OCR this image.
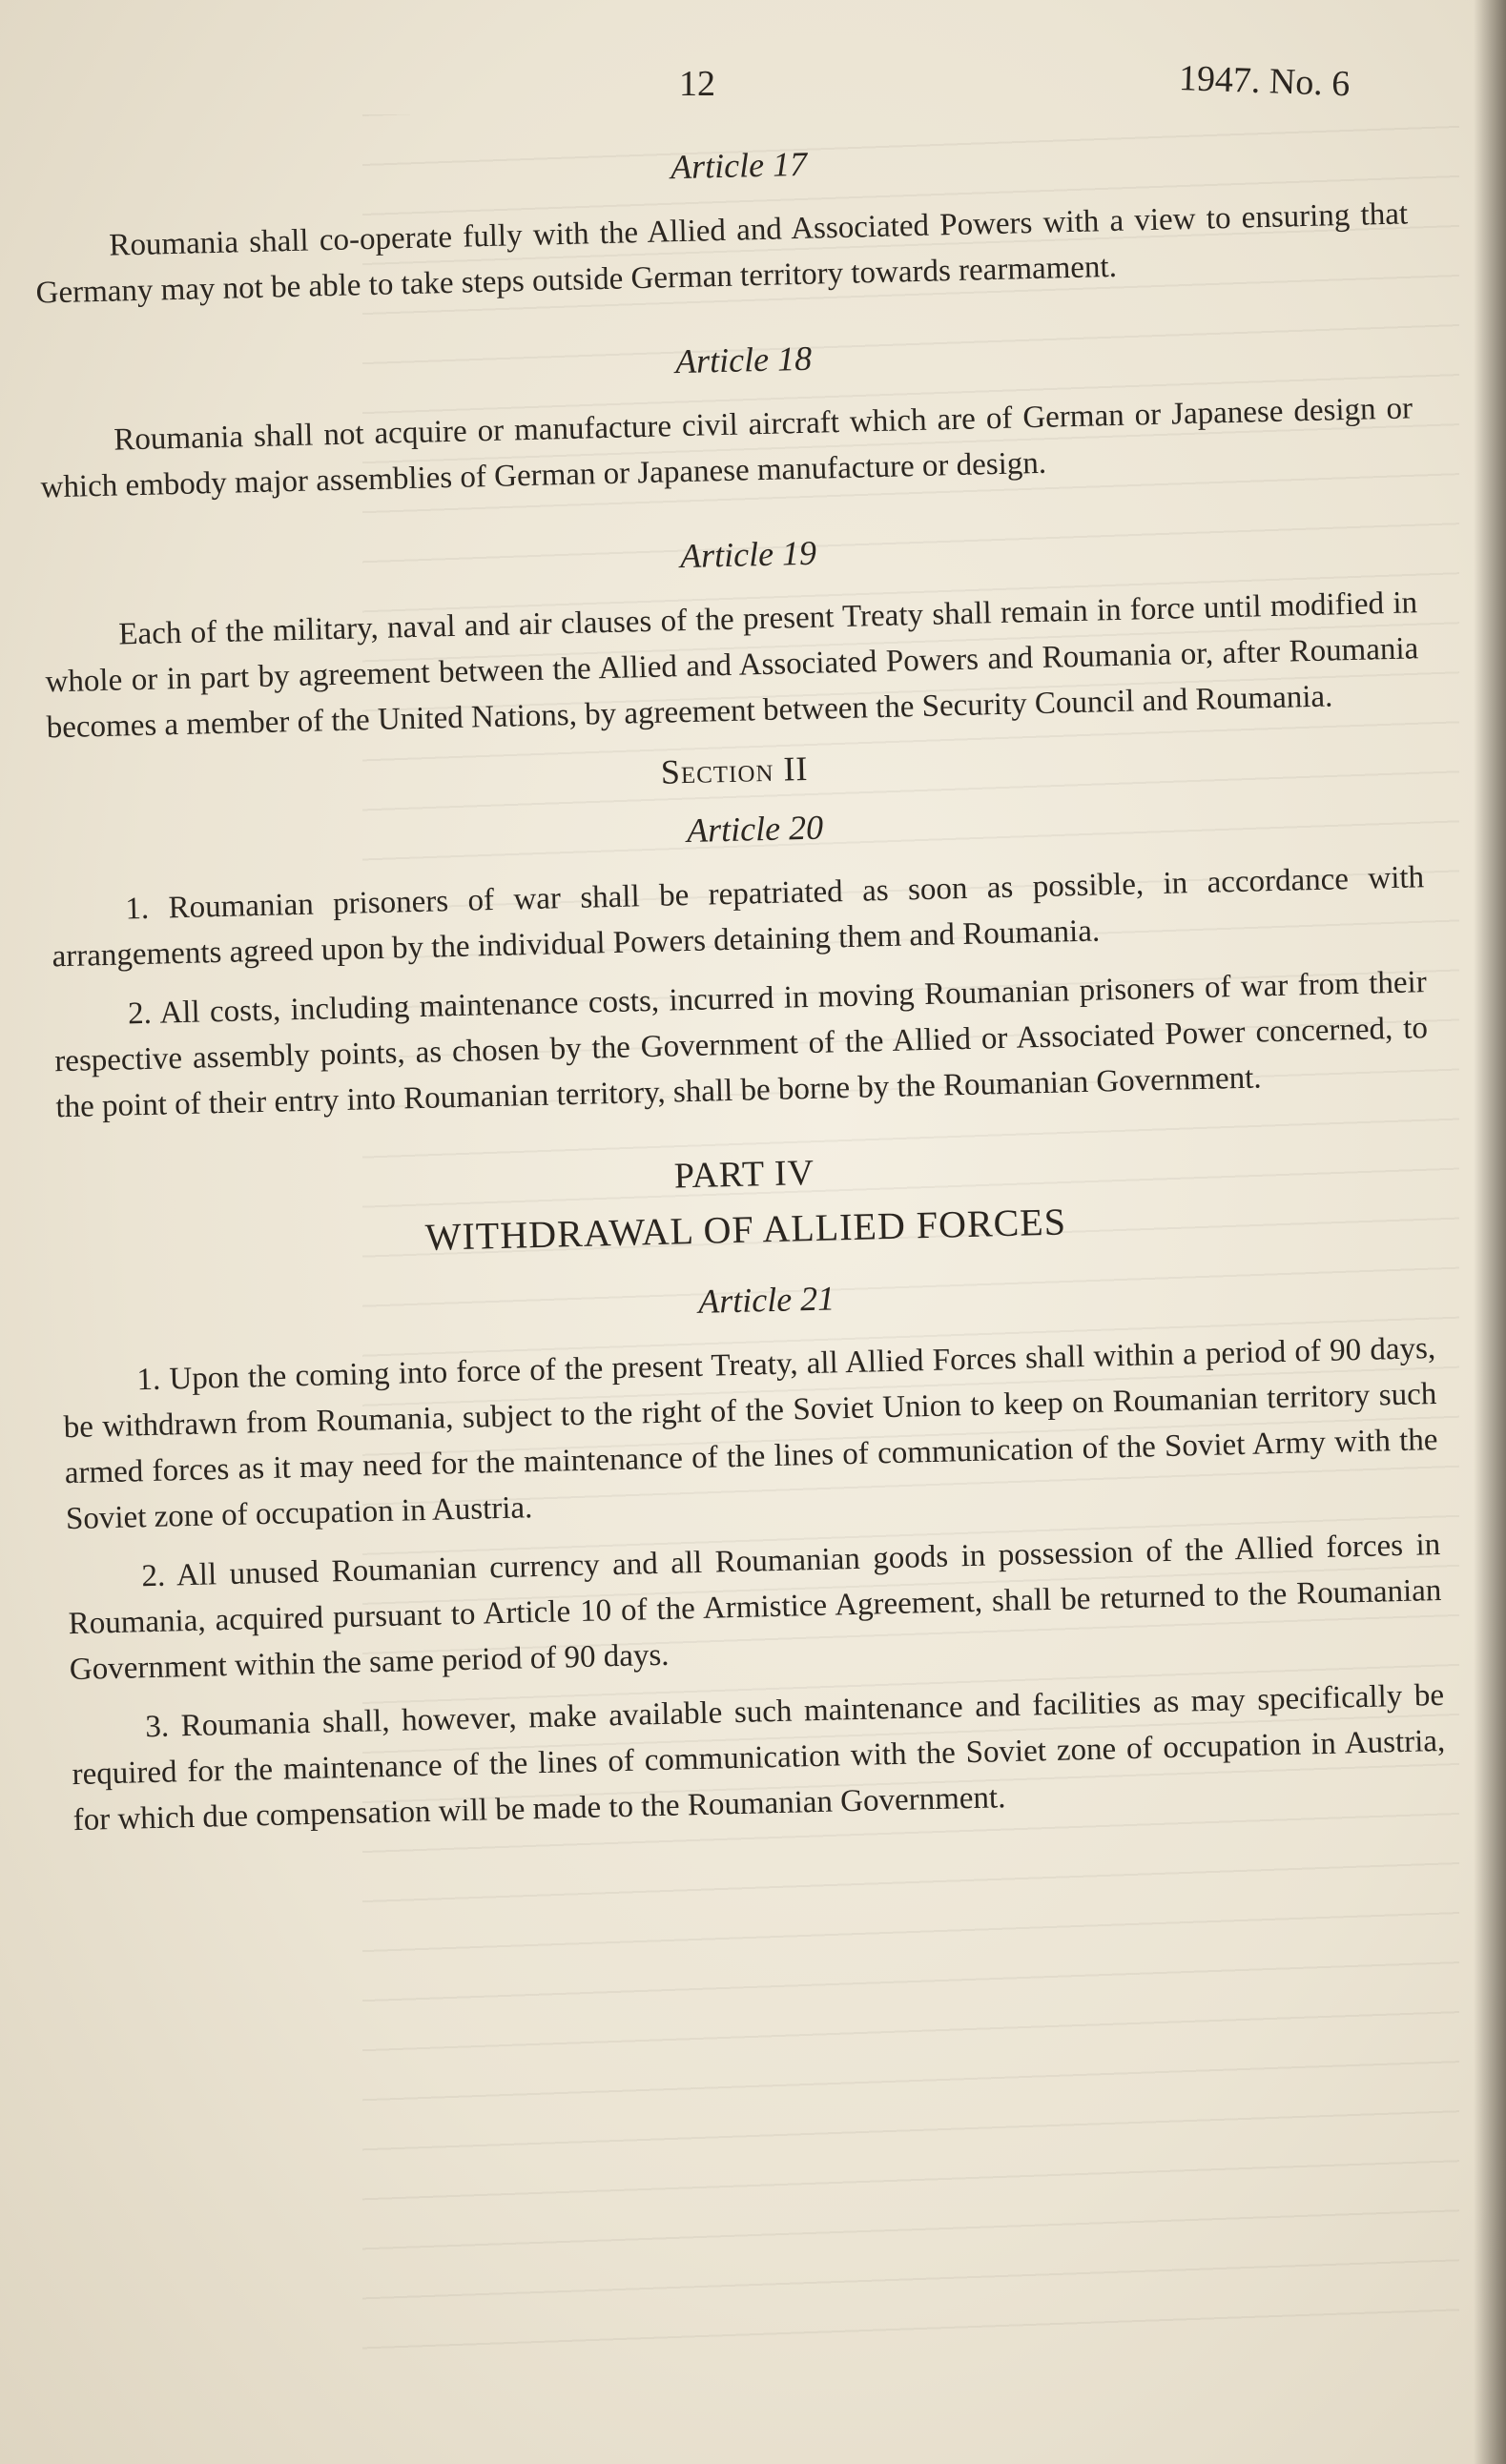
12	1947. No. 6
Article 17

Roumania shall co-operate fully with the Allied and Associated Powers with a view to ensuring that Germany may not be able to take steps outside German territory towards rearmament.

Article 18

Roumania shall not acquire or manufacture civil aircraft which are of German or Japanese design or which embody major assemblies of German or Japanese manufacture or design.

Article 19

Each of the military, naval and air clauses of the present Treaty shall remain in force until modified in whole or in part by agreement between the Allied and Associated Powers and Roumania or, after Roumania becomes a member of the United Nations, by agreement between the Security Council and Roumania.

Section II
Article 20

1. Roumanian prisoners of war shall be repatriated as soon as possible, in accordance with arrangements agreed upon by the individual Powers detaining them and Roumania.

2. All costs, including maintenance costs, incurred in moving Roumanian prisoners of war from their respective assembly points, as chosen by the Government of the Allied or Associated Power concerned, to the point of their entry into Roumanian territory, shall be borne by the Roumanian Government.

PART IV
WITHDRAWAL OF ALLIED FORCES
Article 21

1. Upon the coming into force of the present Treaty, all Allied Forces shall within a period of 90 days, be withdrawn from Roumania, subject to the right of the Soviet Union to keep on Roumanian territory such armed forces as it may need for the maintenance of the lines of communication of the Soviet Army with the Soviet zone of occupation in Austria.

2. All unused Roumanian currency and all Roumanian goods in possession of the Allied forces in Roumania, acquired pursuant to Article 10 of the Armistice Agreement, shall be returned to the Roumanian Government within the same period of 90 days.

3. Roumania shall, however, make available such maintenance and facilities as may specifically be required for the maintenance of the lines of communication with the Soviet zone of occupation in Austria, for which due compensation will be made to the Roumanian Government.
